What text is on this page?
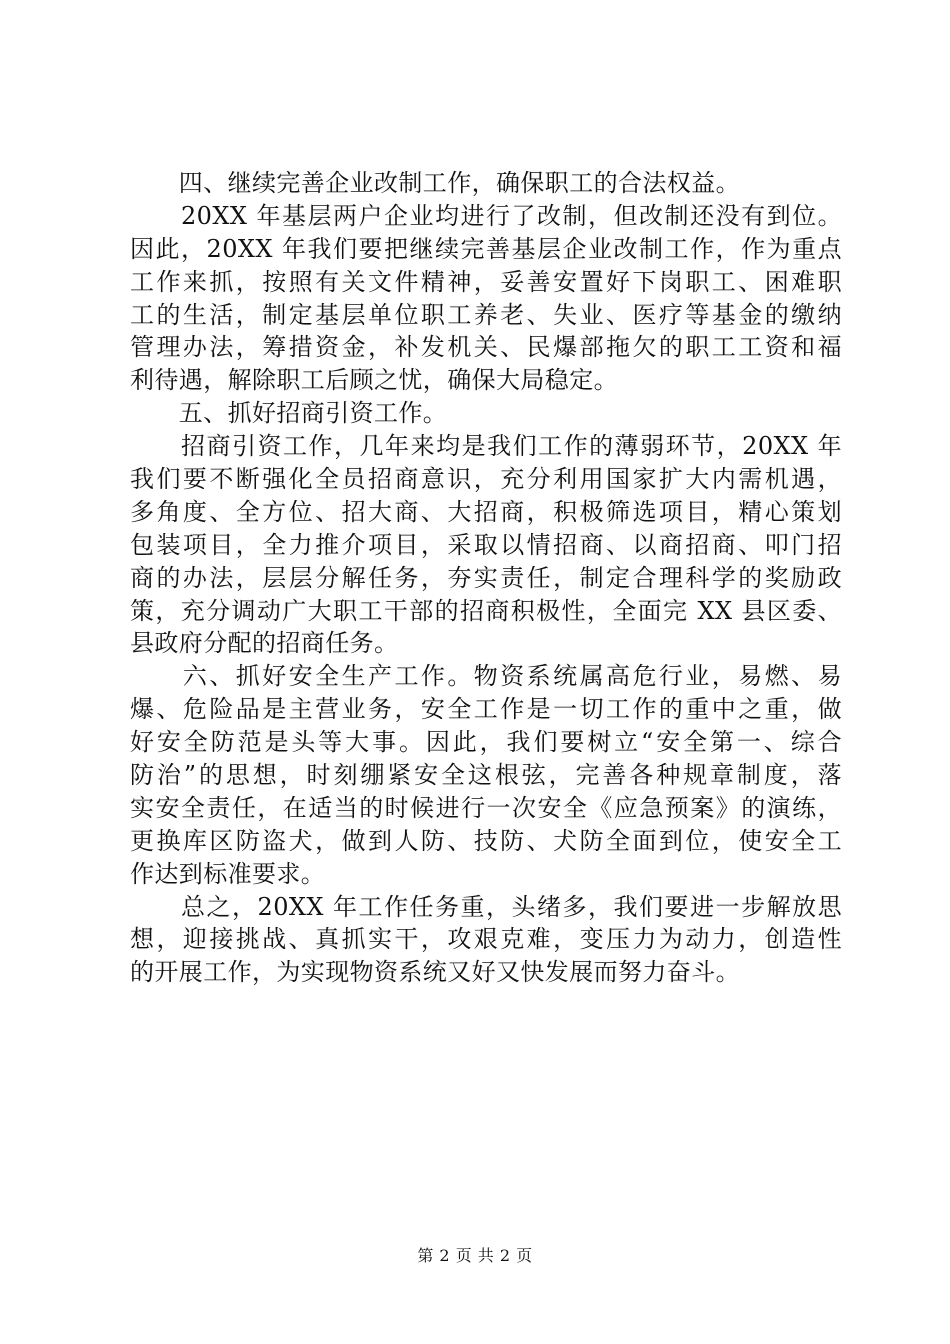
　　四、继续完善企业改制工作，确保职工的合法权益。
　　20XX 年基层两户企业均进行了改制，但改制还没有到位。
因此，20XX 年我们要把继续完善基层企业改制工作，作为重点
工作来抓，按照有关文件精神，妥善安置好下岗职工、困难职
工的生活，制定基层单位职工养老、失业、医疗等基金的缴纳
管理办法，筹措资金，补发机关、民爆部拖欠的职工工资和福
利待遇，解除职工后顾之忧，确保大局稳定。
　　五、抓好招商引资工作。
　　招商引资工作，几年来均是我们工作的薄弱环节，20XX 年
我们要不断强化全员招商意识，充分利用国家扩大内需机遇，
多角度、全方位、招大商、大招商，积极筛选项目，精心策划
包装项目，全力推介项目，采取以情招商、以商招商、叩门招
商的办法，层层分解任务，夯实责任，制定合理科学的奖励政
策，充分调动广大职工干部的招商积极性，全面完 XX 县区委、
县政府分配的招商任务。
　　六、抓好安全生产工作。物资系统属高危行业，易燃、易
爆、危险品是主营业务，安全工作是一切工作的重中之重，做
好安全防范是头等大事。因此，我们要树立“安全第一、综合
防治”的思想，时刻绷紧安全这根弦，完善各种规章制度，落
实安全责任，在适当的时候进行一次安全《应急预案》的演练，
更换库区防盗犬，做到人防、技防、犬防全面到位，使安全工
作达到标准要求。
　　总之，20XX 年工作任务重，头绪多，我们要进一步解放思
想，迎接挑战、真抓实干，攻艰克难，变压力为动力，创造性
的开展工作，为实现物资系统又好又快发展而努力奋斗。
第 2 页 共 2 页
